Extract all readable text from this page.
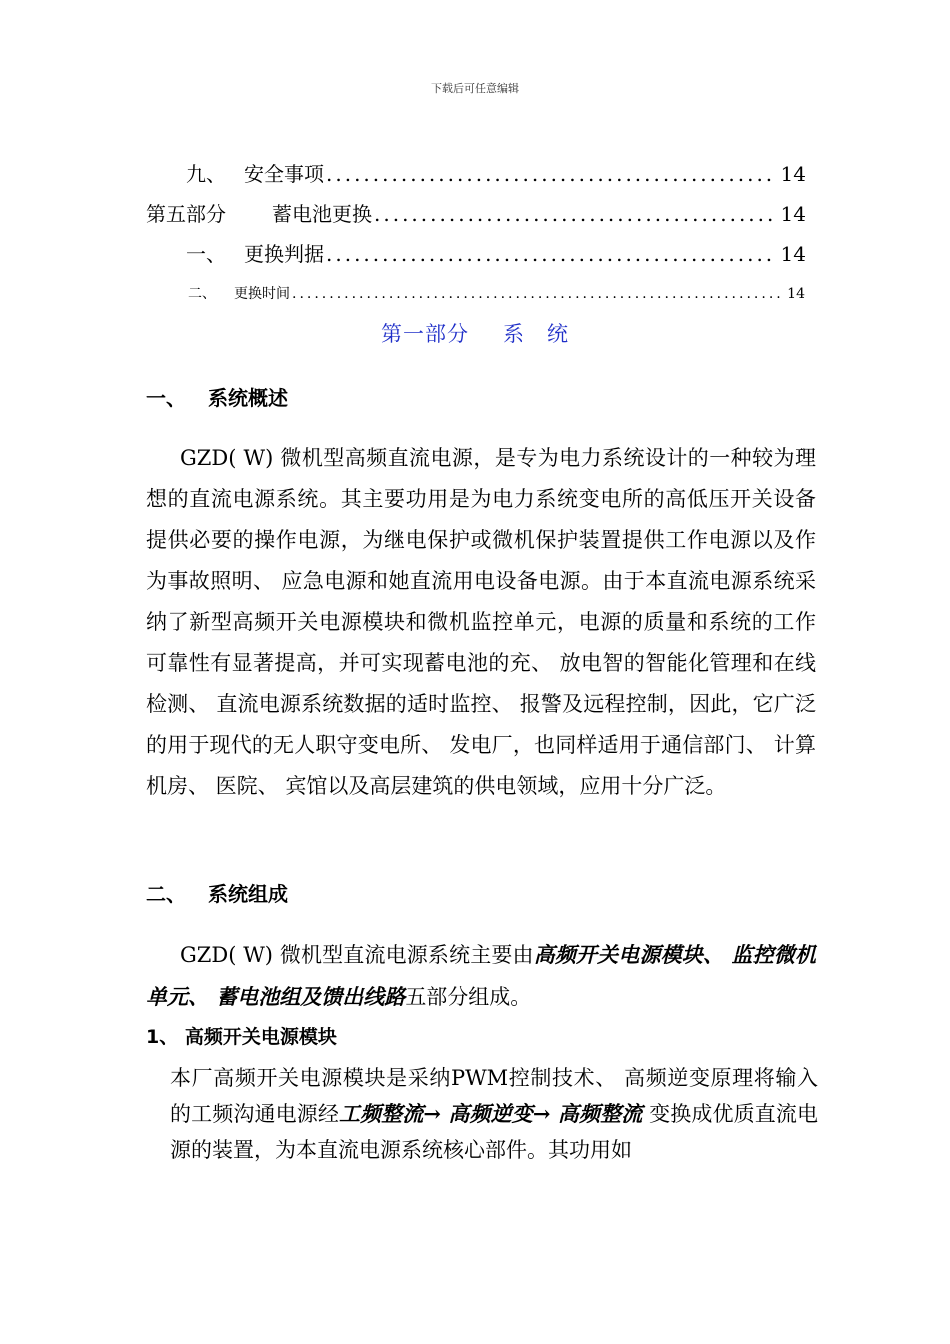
下载后可任意编辑
九、 安全事项 .....	14
第五部分	蓄电池更换 .....	14
一、 更换判据 .....	14
二、	更换时间 .....	14
第一部分 系　统
一、 系统概述
GZD( W) 微机型高频直流电源，是专为电力系统设计的一种较为理想的直流电源系统。其主要功用是为电力系统变电所的高低压开关设备提供必要的操作电源，为继电保护或微机保护装置提供工作电源以及作为事故照明、 应急电源和她直流用电设备电源。由于本直流电源系统采纳了新型高频开关电源模块和微机监控单元，电源的质量和系统的工作可靠性有显著提高，并可实现蓄电池的充、 放电智的智能化管理和在线检测、 直流电源系统数据的适时监控、 报警及远程控制，因此，它广泛的用于现代的无人职守变电所、 发电厂，也同样适用于通信部门、 计算机房、 医院、 宾馆以及高层建筑的供电领域，应用十分广泛。
二、 系统组成
GZD( W) 微机型直流电源系统主要由高频开关电源模块、 监控微机单元、 蓄电池组及馈出线路五部分组成。
1、 高频开关电源模块
本厂高频开关电源模块是采纳PWM控制技术、 高频逆变原理将输入的工频沟通电源经工频整流→ 高频逆变→ 高频整流 变换成优质直流电源的装置，为本直流电源系统核心部件。其功用如
